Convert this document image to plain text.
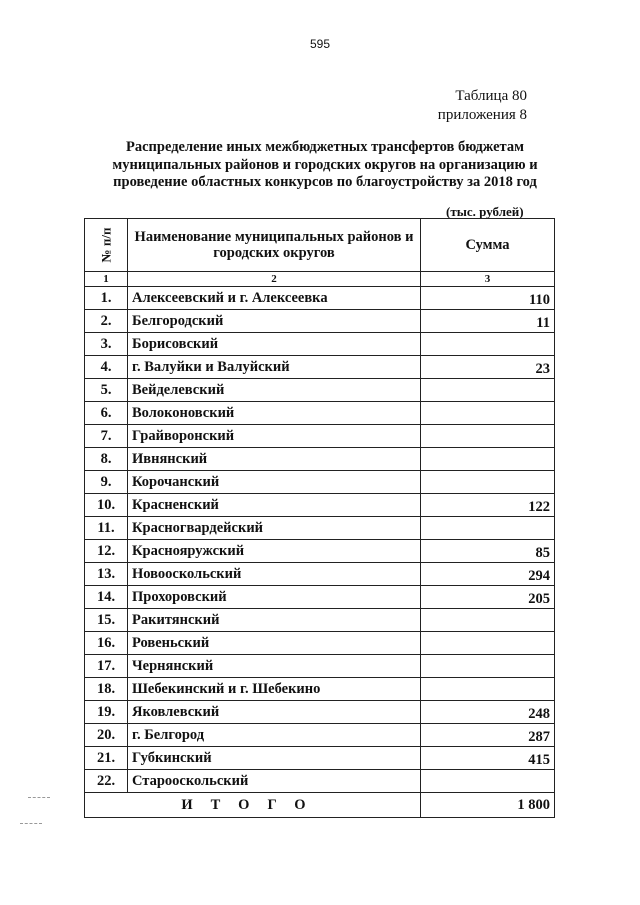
595
Таблица 80
приложения 8
Распределение иных межбюджетных трансфертов бюджетам муниципальных районов и городских округов на организацию и проведение областных конкурсов по благоустройству за 2018 год
(тыс. рублей)
№ п/п	Наименование муниципальных районов и городских округов	Сумма
1	2	3
1.	Алексеевский и г. Алексеевка	110
2.	Белгородский	11
3.	Борисовский	
4.	г. Валуйки и Валуйский	23
5.	Вейделевский	
6.	Волоконовский	
7.	Грайворонский	
8.	Ивнянский	
9.	Корочанский	
10.	Красненский	122
11.	Красногвардейский	
12.	Краснояружский	85
13.	Новооскольский	294
14.	Прохоровский	205
15.	Ракитянский	
16.	Ровеньский	
17.	Чернянский	
18.	Шебекинский и г. Шебекино	
19.	Яковлевский	248
20.	г. Белгород	287
21.	Губкинский	415
22.	Старооскольский	
ИТОГО		1 800
